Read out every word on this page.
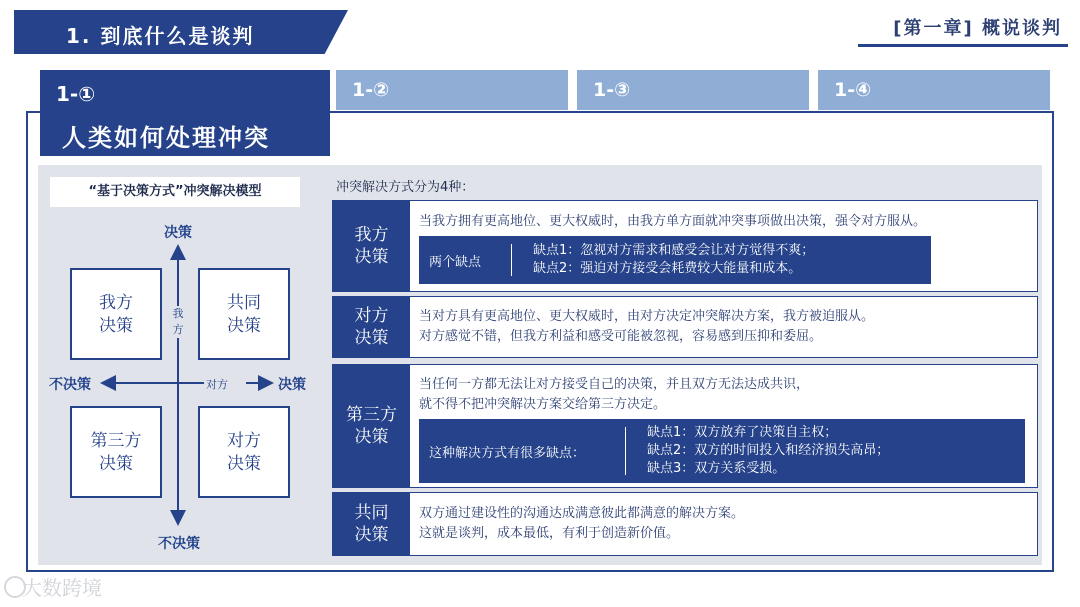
1. 到底什么是谈判	[第一章] 概说谈判
1-②	1-③	1-④
1-①
人类如何处理冲突
“基于决策方式”冲突解决模型
决策
不决策
不决策	决策
我方
对方
我方
决策
共同
决策
第三方
决策
对方
决策
冲突解决方式分为4种：
我方
决策
当我方拥有更高地位、更大权威时，由我方单方面就冲突事项做出决策，强令对方服从。
两个缺点
缺点1：忽视对方需求和感受会让对方觉得不爽；
缺点2：强迫对方接受会耗费较大能量和成本。
对方
决策
当对方具有更高地位、更大权威时，由对方决定冲突解决方案，我方被迫服从。
对方感觉不错，但我方利益和感受可能被忽视，容易感到压抑和委屈。
第三方
决策
当任何一方都无法让对方接受自己的决策，并且双方无法达成共识，
就不得不把冲突解决方案交给第三方决定。
这种解决方式有很多缺点：
缺点1：双方放弃了决策自主权；
缺点2：双方的时间投入和经济损失高昂；
缺点3：双方关系受损。
共同
决策
双方通过建设性的沟通达成满意彼此都满意的解决方案。
这就是谈判，成本最低，有利于创造新价值。
大数跨境
